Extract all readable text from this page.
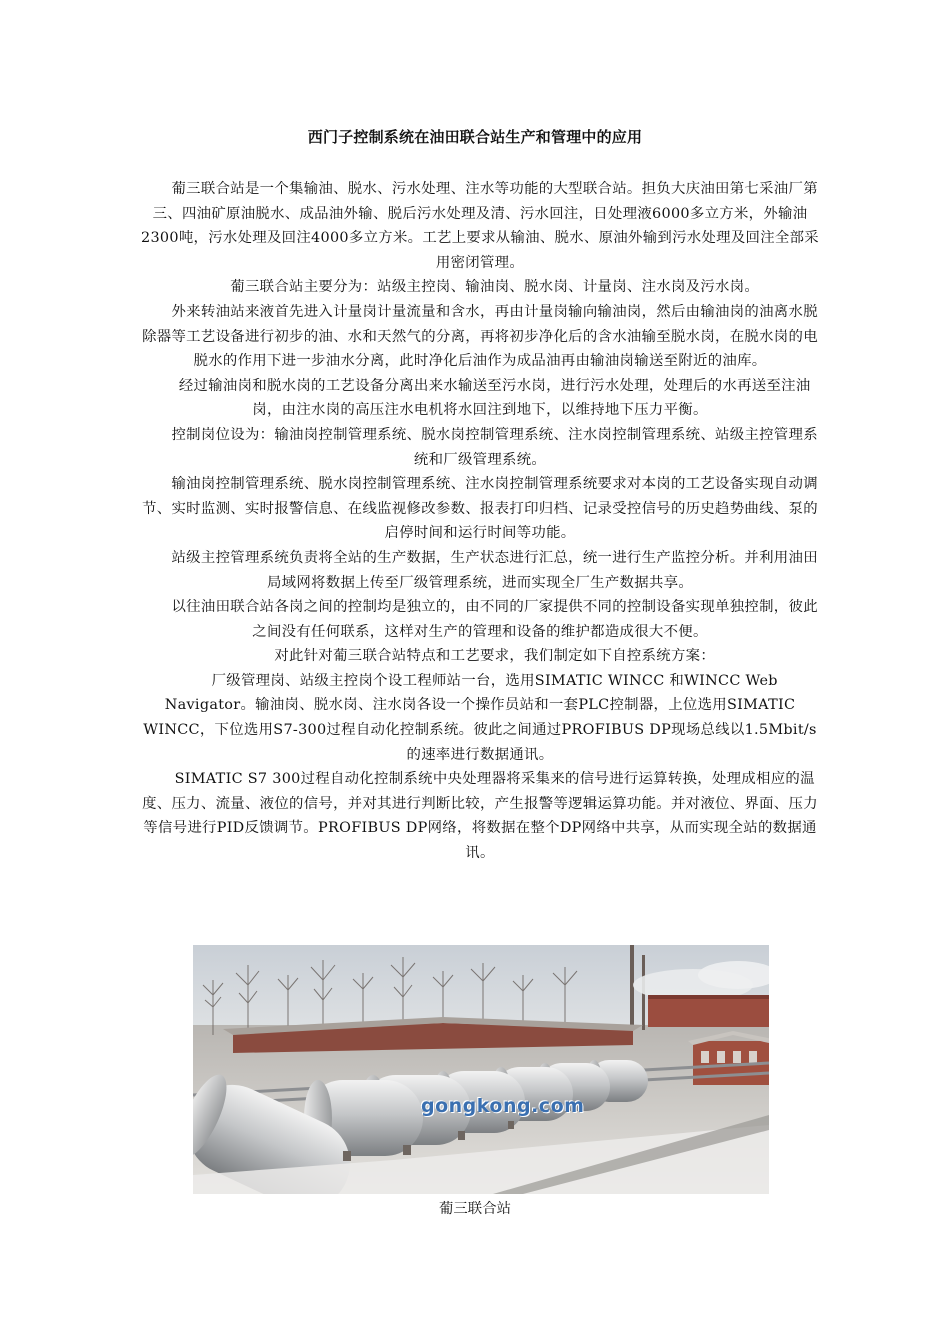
西门子控制系统在油田联合站生产和管理中的应用

　　葡三联合站是一个集输油、脱水、污水处理、注水等功能的大型联合站。担负大庆油田第七采油厂第三、四油矿原油脱水、成品油外输、脱后污水处理及清、污水回注，日处理液6000多立方米，外输油2300吨，污水处理及回注4000多立方米。工艺上要求从输油、脱水、原油外输到污水处理及回注全部采用密闭管理。

　　葡三联合站主要分为：站级主控岗、输油岗、脱水岗、计量岗、注水岗及污水岗。

　　外来转油站来液首先进入计量岗计量流量和含水，再由计量岗输向输油岗，然后由输油岗的油离水脱除器等工艺设备进行初步的油、水和天然气的分离，再将初步净化后的含水油输至脱水岗，在脱水岗的电脱水的作用下进一步油水分离，此时净化后油作为成品油再由输油岗输送至附近的油库。

　　经过输油岗和脱水岗的工艺设备分离出来水输送至污水岗，进行污水处理，处理后的水再送至注油岗，由注水岗的高压注水电机将水回注到地下，以维持地下压力平衡。

　　控制岗位设为：输油岗控制管理系统、脱水岗控制管理系统、注水岗控制管理系统、站级主控管理系统和厂级管理系统。

　　输油岗控制管理系统、脱水岗控制管理系统、注水岗控制管理系统要求对本岗的工艺设备实现自动调节、实时监测、实时报警信息、在线监视修改参数、报表打印归档、记录受控信号的历史趋势曲线、泵的启停时间和运行时间等功能。

　　站级主控管理系统负责将全站的生产数据，生产状态进行汇总，统一进行生产监控分析。并利用油田局域网将数据上传至厂级管理系统，进而实现全厂生产数据共享。

　　以往油田联合站各岗之间的控制均是独立的，由不同的厂家提供不同的控制设备实现单独控制，彼此之间没有任何联系，这样对生产的管理和设备的维护都造成很大不便。

　　对此针对葡三联合站特点和工艺要求，我们制定如下自控系统方案：

　　厂级管理岗、站级主控岗个设工程师站一台，选用SIMATIC WINCC 和WINCC Web Navigator。输油岗、脱水岗、注水岗各设一个操作员站和一套PLC控制器，上位选用SIMATIC WINCC，下位选用S7-300过程自动化控制系统。彼此之间通过PROFIBUS DP现场总线以1.5Mbit/s的速率进行数据通讯。

　　SIMATIC S7 300过程自动化控制系统中央处理器将采集来的信号进行运算转换，处理成相应的温度、压力、流量、液位的信号，并对其进行判断比较，产生报警等逻辑运算功能。并对液位、界面、压力等信号进行PID反馈调节。PROFIBUS DP网络，将数据在整个DP网络中共享，从而实现全站的数据通讯。

gongkong.com
葡三联合站
